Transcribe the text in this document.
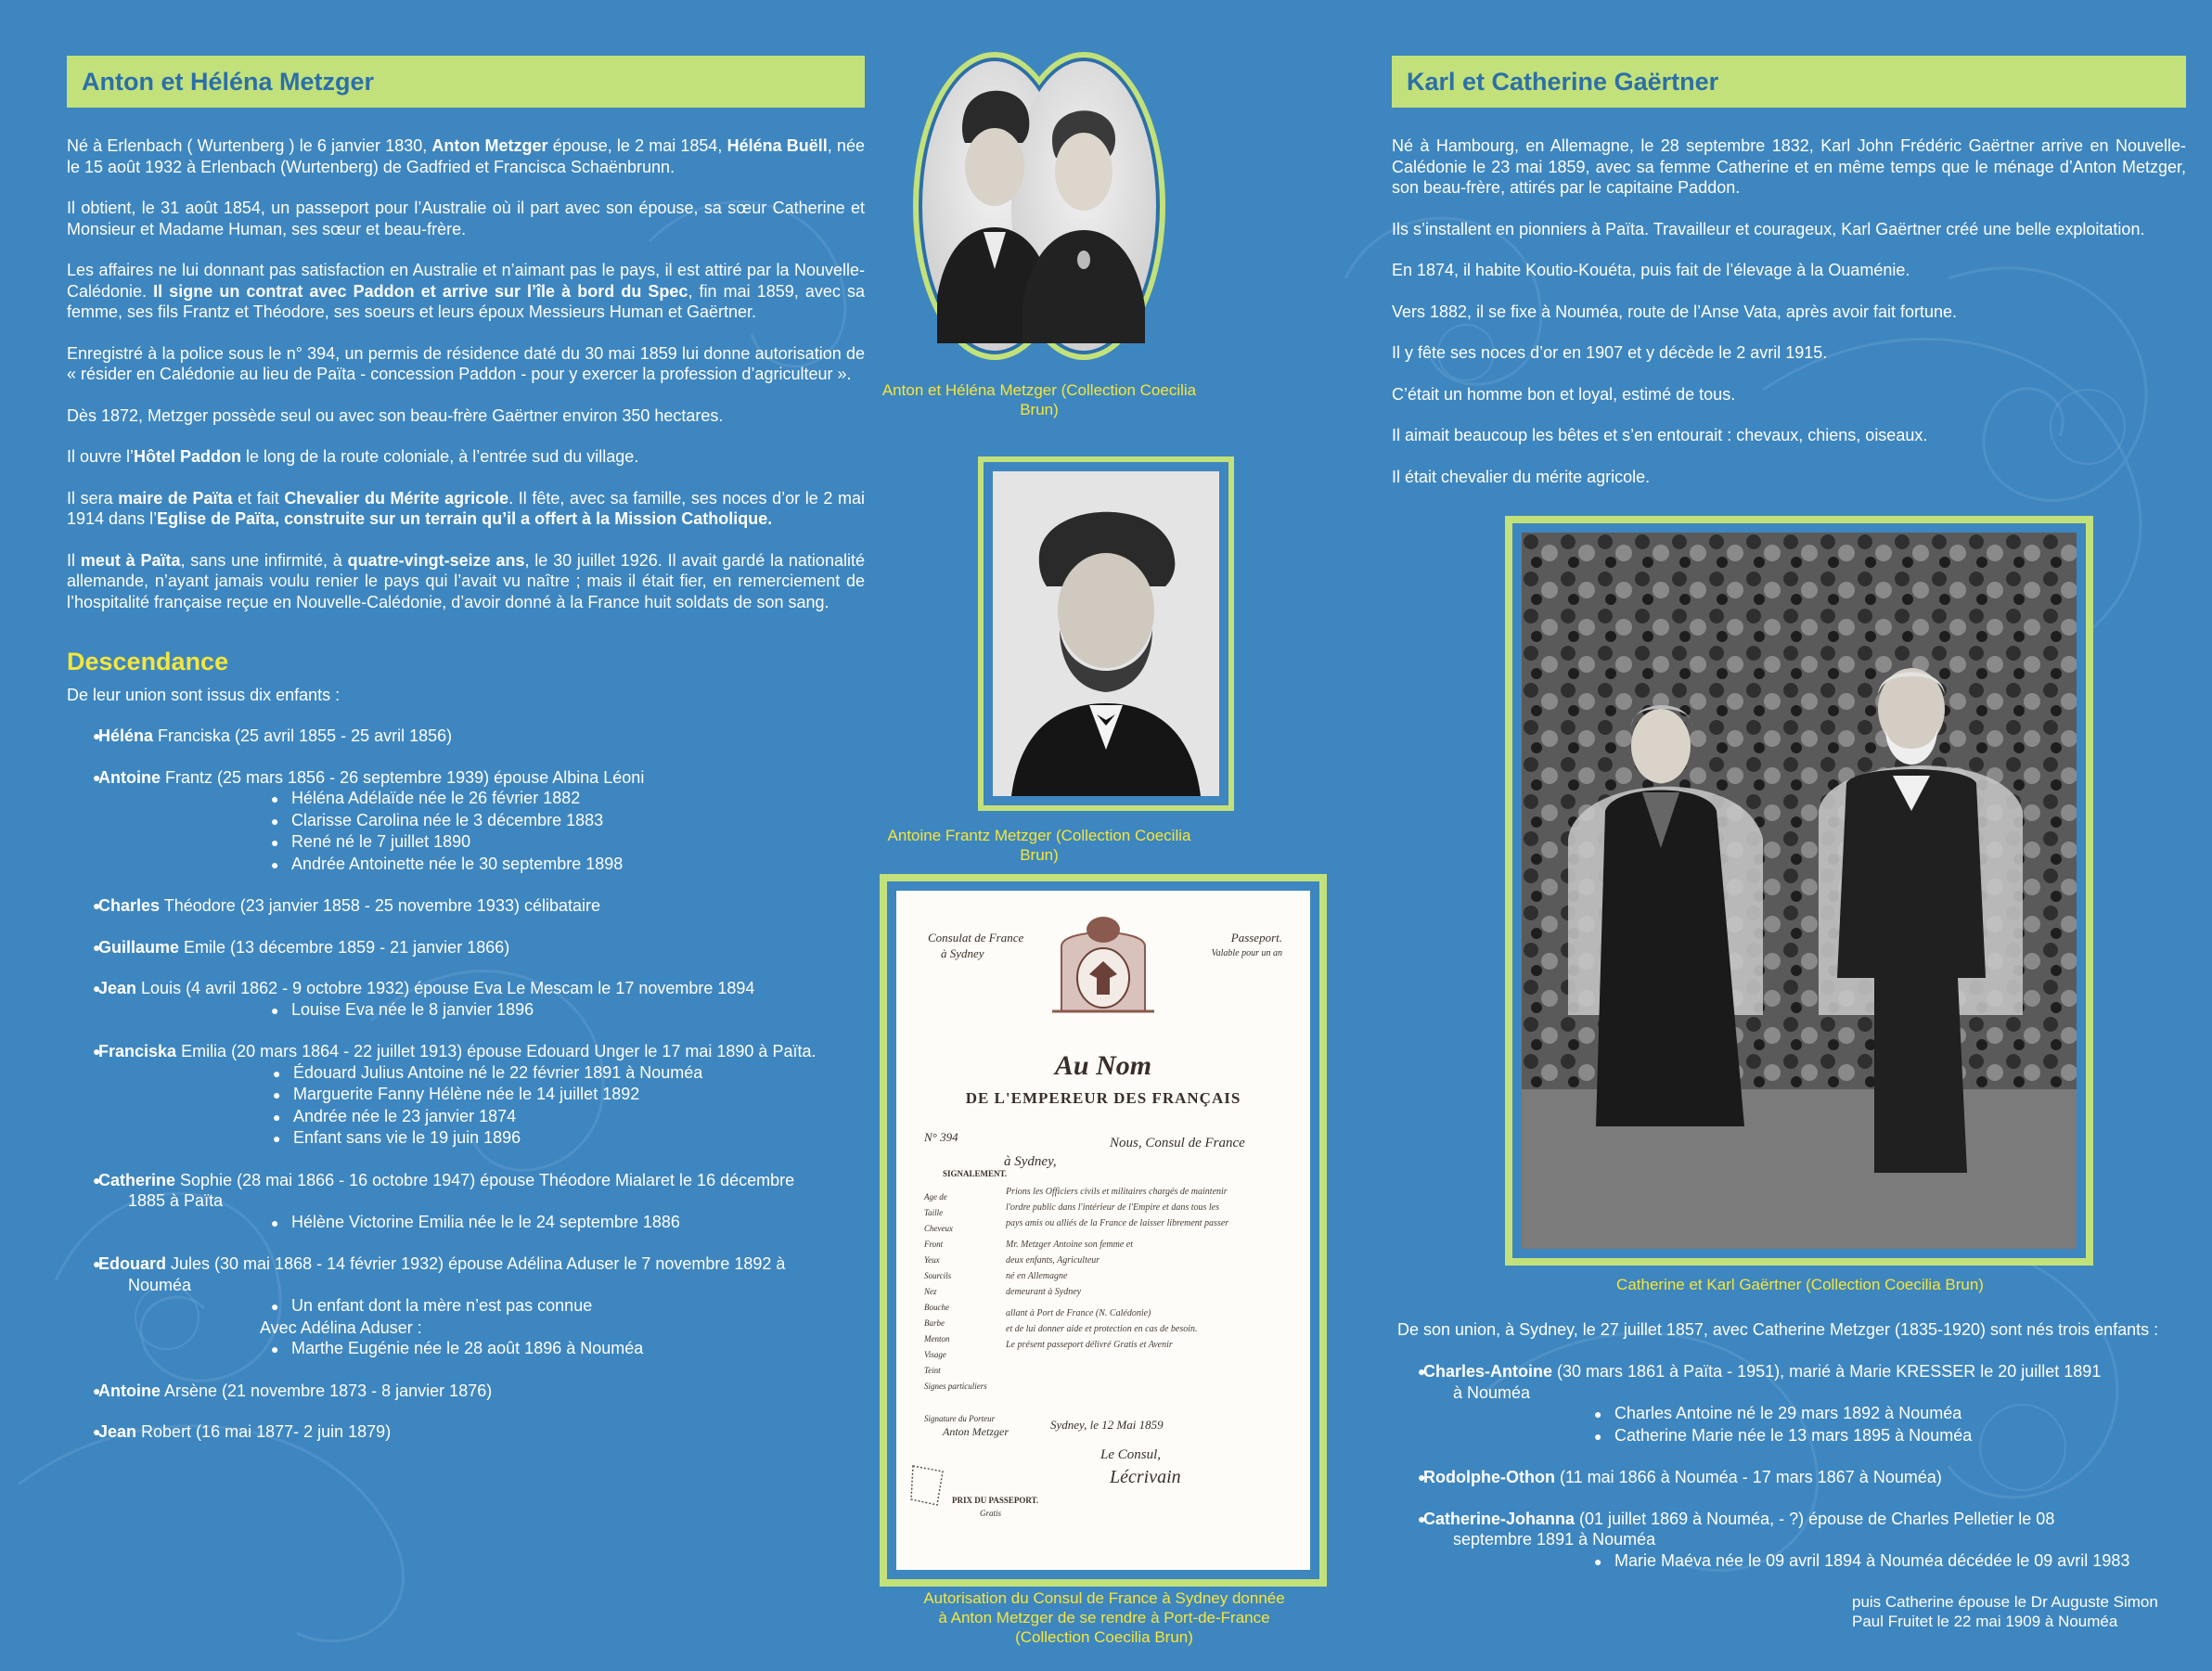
Anton et Héléna Metzger
Né à Erlenbach ( Wurtenberg ) le 6 janvier 1830, Anton Metzger épouse, le 2 mai 1854, Héléna Buëll, née le 15 août 1932 à Erlenbach (Wurtenberg) de Gadfried et Francisca Schaënbrunn.
Il obtient, le 31 août 1854, un passeport pour l’Australie où il part avec son épouse, sa sœur Catherine et Monsieur et Madame Human, ses sœur et beau-frère.
Les affaires ne lui donnant pas satisfaction en Australie et n’aimant pas le pays, il est attiré par la Nouvelle-Calédonie. Il signe un contrat avec Paddon et arrive sur l’île à bord du Spec, fin mai 1859, avec sa femme, ses fils Frantz et Théodore, ses soeurs et leurs époux Messieurs Human et Gaërtner.
Enregistré à la police sous le n° 394, un permis de résidence daté du 30 mai 1859 lui donne autorisation de « résider en Calédonie au lieu de Païta - concession Paddon - pour y exercer la profession d’agriculteur ».
Dès 1872, Metzger possède seul ou avec son beau-frère Gaërtner environ 350 hectares.
Il ouvre l’Hôtel Paddon le long de la route coloniale, à l’entrée sud du village.
Il sera maire de Païta et fait Chevalier du Mérite agricole. Il fête, avec sa famille, ses noces d’or le 2 mai 1914 dans l’Eglise de Païta, construite sur un terrain qu’il a offert à la Mission Catholique.
Il meut à Païta, sans une infirmité, à quatre-vingt-seize ans, le 30 juillet 1926. Il avait gardé la nationalité allemande, n’ayant jamais voulu renier le pays qui l’avait vu naître ; mais il était fier, en remerciement de l’hospitalité française reçue en Nouvelle-Calédonie, d’avoir donné à la France huit soldats de son sang.
Descendance
De leur union sont issus dix enfants :
●
Héléna Franciska (25 avril 1855 - 25 avril 1856)
●
Antoine Frantz (25 mars 1856 - 26 septembre 1939) épouse Albina Léoni
● Héléna Adélaïde née le 26 février 1882
● Clarisse Carolina née le 3 décembre 1883
● René né le 7 juillet 1890
● Andrée Antoinette née le 30 septembre 1898
●
Charles Théodore (23 janvier 1858 - 25 novembre 1933) célibataire
●
Guillaume Emile (13 décembre 1859 - 21 janvier 1866)
●
Jean Louis (4 avril 1862 - 9 octobre 1932) épouse Eva Le Mescam le 17 novembre 1894
● Louise Eva née le 8 janvier 1896
●
Franciska Emilia (20 mars 1864 - 22 juillet 1913) épouse Edouard Unger le 17 mai 1890 à Païta.
● Édouard Julius Antoine né le 22 février 1891 à Nouméa
● Marguerite Fanny Hélène née le 14 juillet 1892
● Andrée née le 23 janvier 1874
● Enfant sans vie le 19 juin 1896
●
Catherine Sophie (28 mai 1866 - 16 octobre 1947) épouse Théodore Mialaret le 16 décembre
1885 à Païta
● Hélène Victorine Emilia née le le 24 septembre 1886
●
Edouard Jules (30 mai 1868 - 14 février 1932) épouse Adélina Aduser le 7 novembre 1892 à
Nouméa
● Un enfant dont la mère n’est pas connue
Avec Adélina Aduser :
● Marthe Eugénie née le 28 août 1896 à Nouméa
●
Antoine Arsène (21 novembre 1873 - 8 janvier 1876)
●
Jean Robert (16 mai 1877- 2 juin 1879)
Anton et Héléna Metzger (Collection Coecilia Brun)
Antoine Frantz Metzger (Collection Coecilia Brun)
Consulat de France
à Sydney
Passeport.
Valable pour un an
Au Nom
DE L'EMPEREUR DES FRANÇAIS
N° 394	Nous, Consul de France
à Sydney,
SIGNALEMENT.
Age de
Taille
Cheveux
Front
Yeux
Sourcils
Nez
Bouche
Barbe
Menton
Visage
Teint
Signes particuliers
Prions les Officiers civils et militaires chargés de maintenir
l'ordre public dans l'intérieur de l'Empire et dans tous les
pays amis ou alliés de la France de laisser librement passer
Mr. Metzger Antoine son femme et
deux enfants, Agriculteur
né en Allemagne
demeurant à Sydney
allant à Port de France (N. Calédonie)
et de lui donner aide et protection en cas de besoin.
Le présent passeport délivré Gratis et Avenir
Signature du Porteur
Anton Metzger	Sydney, le 12 Mai 1859
Le Consul,
Lécrivain
PRIX DU PASSEPORT.
Gratis
Autorisation du Consul de France à Sydney donnée
à Anton Metzger de se rendre à Port-de-France
(Collection Coecilia Brun)
Karl et Catherine Gaërtner
Né à Hambourg, en Allemagne, le 28 septembre 1832, Karl John Frédéric Gaërtner arrive en Nouvelle-Calédonie le 23 mai 1859, avec sa femme Catherine et en même temps que le ménage d’Anton Metzger, son beau-frère, attirés par le capitaine Paddon.
Ils s’installent en pionniers à Païta. Travailleur et courageux, Karl Gaërtner créé une belle exploitation.
En 1874, il habite Koutio-Kouéta, puis fait de l’élevage à la Ouaménie.
Vers 1882, il se fixe à Nouméa, route de l’Anse Vata, après avoir fait fortune.
Il y fête ses noces d’or en 1907 et y décède le 2 avril 1915.
C’était un homme bon et loyal, estimé de tous.
Il aimait beaucoup les bêtes et s’en entourait : chevaux, chiens, oiseaux.
Il était chevalier du mérite agricole.
Catherine et Karl Gaërtner (Collection Coecilia Brun)
De son union, à Sydney, le 27 juillet 1857, avec Catherine Metzger (1835-1920) sont nés trois enfants :
●
Charles-Antoine (30 mars 1861 à Païta - 1951), marié à Marie KRESSER le 20 juillet 1891
à Nouméa
● Charles Antoine né le 29 mars 1892 à Nouméa
● Catherine Marie née le 13 mars 1895 à Nouméa
●
Rodolphe-Othon (11 mai 1866 à Nouméa - 17 mars 1867 à Nouméa)
●
Catherine-Johanna (01 juillet 1869 à Nouméa, - ?) épouse de Charles Pelletier le 08
septembre 1891 à Nouméa
● Marie Maéva née le 09 avril 1894 à Nouméa décédée le 09 avril 1983
puis Catherine épouse le Dr Auguste Simon
Paul Fruitet le 22 mai 1909 à Nouméa
